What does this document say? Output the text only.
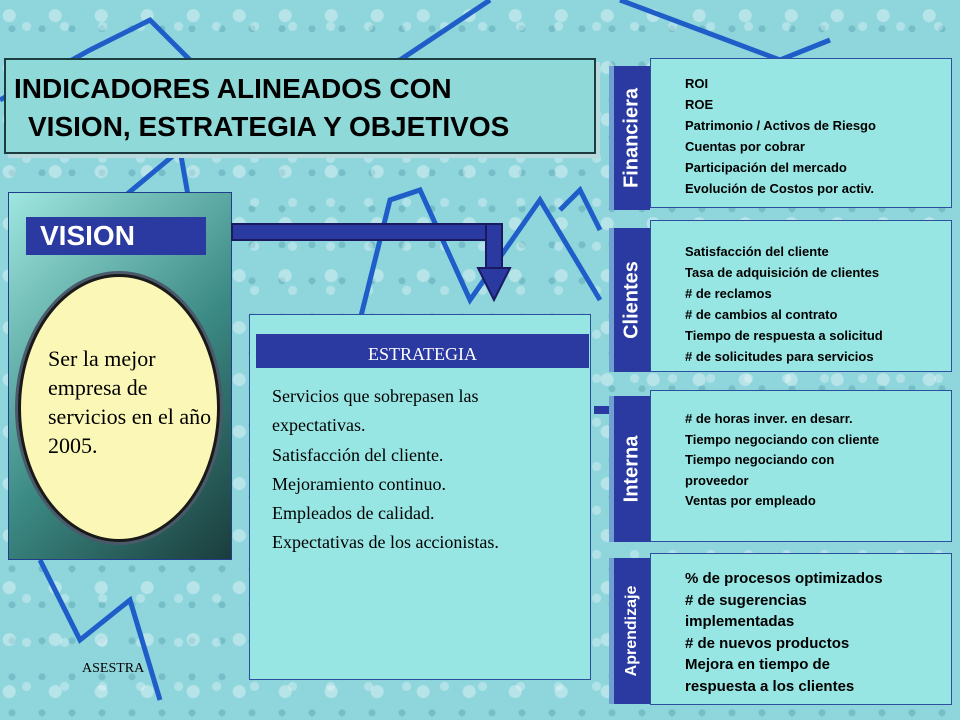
INDICADORES ALINEADOS CON
VISION, ESTRATEGIA Y OBJETIVOS
VISION
Ser la mejor empresa de servicios en el año 2005.
ESTRATEGIA
Servicios que sobrepasen las
expectativas.
Satisfacción del cliente.
Mejoramiento continuo.
Empleados de calidad.
Expectativas de los accionistas.
Financiera
ROI
ROE
Patrimonio / Activos de Riesgo
Cuentas por cobrar
Participación del mercado
Evolución de Costos por activ.
Clientes
Satisfacción del cliente
Tasa de adquisición de clientes
# de reclamos
# de cambios al contrato
Tiempo de respuesta a solicitud
# de solicitudes para servicios
Interna
# de horas inver. en desarr.
Tiempo negociando con cliente
Tiempo negociando con
proveedor
Ventas por empleado
Aprendizaje
% de procesos optimizados
# de sugerencias
implementadas
# de nuevos productos
Mejora en tiempo de
respuesta a los clientes
ASESTRA
